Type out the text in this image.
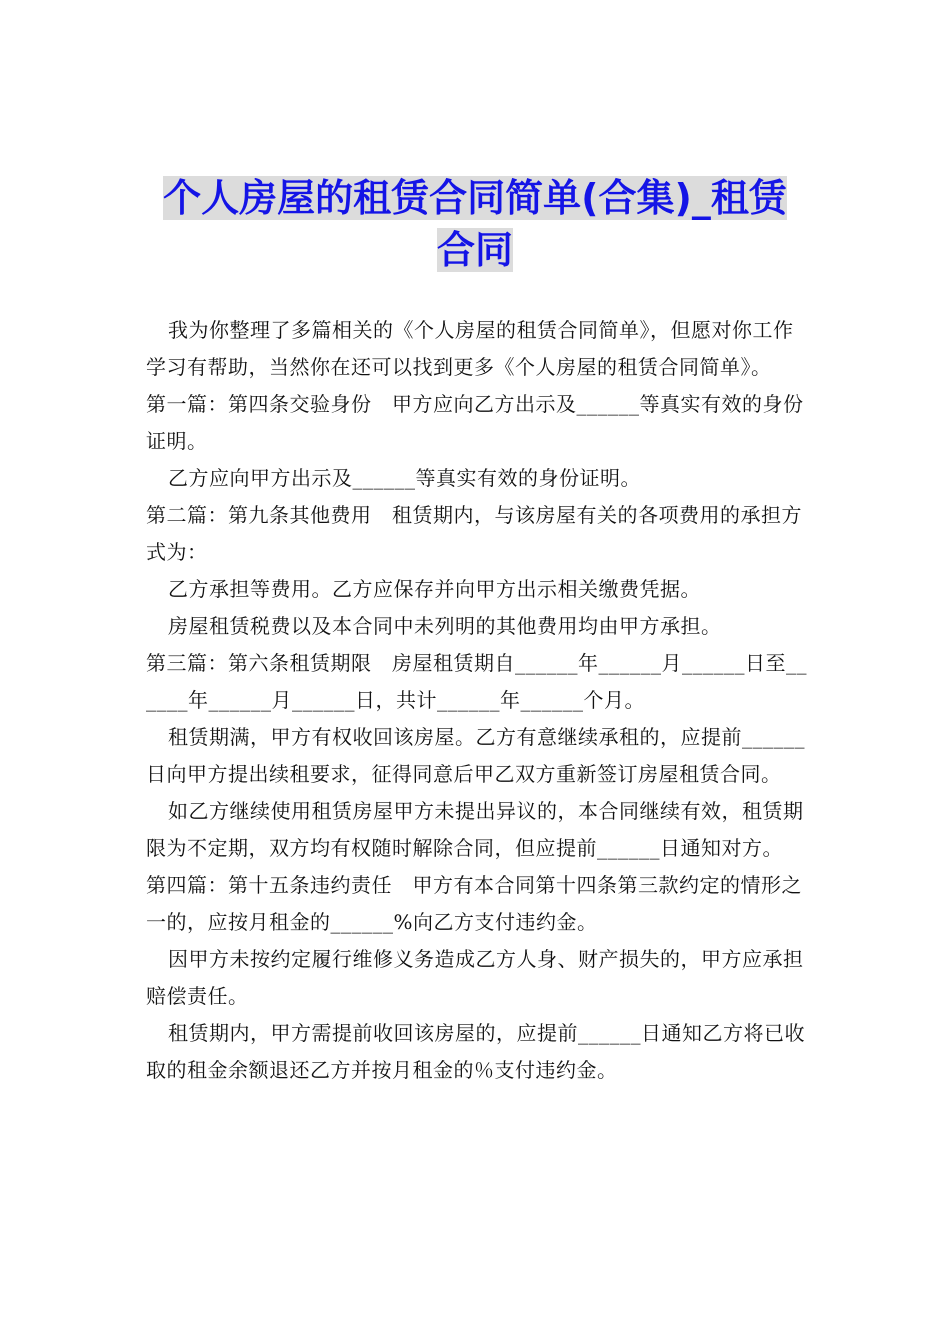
个人房屋的租赁合同简单(合集)_租赁合同

我为你整理了多篇相关的《个人房屋的租赁合同简单》，但愿对你工作学习有帮助，当然你在还可以找到更多《个人房屋的租赁合同简单》。

第一篇：第四条交验身份　甲方应向乙方出示及______等真实有效的身份证明。

乙方应向甲方出示及______等真实有效的身份证明。

第二篇：第九条其他费用　租赁期内，与该房屋有关的各项费用的承担方式为：

乙方承担等费用。乙方应保存并向甲方出示相关缴费凭据。

房屋租赁税费以及本合同中未列明的其他费用均由甲方承担。

第三篇：第六条租赁期限　房屋租赁期自______年______月______日至______年______月______日，共计______年______个月。

租赁期满，甲方有权收回该房屋。乙方有意继续承租的，应提前______日向甲方提出续租要求，征得同意后甲乙双方重新签订房屋租赁合同。

如乙方继续使用租赁房屋甲方未提出异议的，本合同继续有效，租赁期限为不定期，双方均有权随时解除合同，但应提前______日通知对方。

第四篇：第十五条违约责任　甲方有本合同第十四条第三款约定的情形之一的，应按月租金的______%向乙方支付违约金。

因甲方未按约定履行维修义务造成乙方人身、财产损失的，甲方应承担赔偿责任。

租赁期内，甲方需提前收回该房屋的，应提前______日通知乙方将已收取的租金余额退还乙方并按月租金的％支付违约金。
